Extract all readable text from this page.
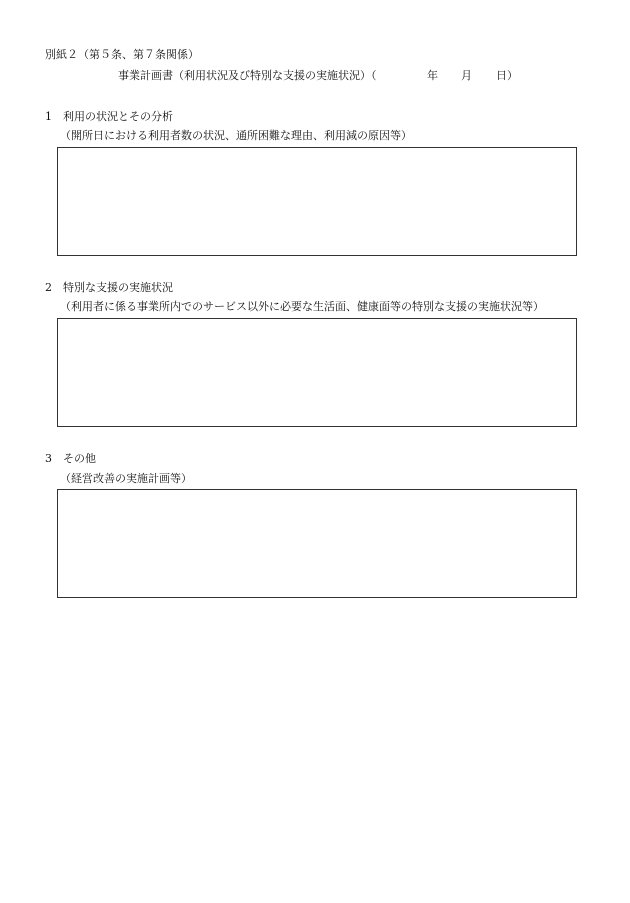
別紙２（第５条、第７条関係）
事業計画書（利用状況及び特別な支援の実施状況）（	年 月 日）
1 利用の状況とその分析
（開所日における利用者数の状況、通所困難な理由、利用減の原因等）
2 特別な支援の実施状況
（利用者に係る事業所内でのサービス以外に必要な生活面、健康面等の特別な支援の実施状況等）
3 その他
（経営改善の実施計画等）
